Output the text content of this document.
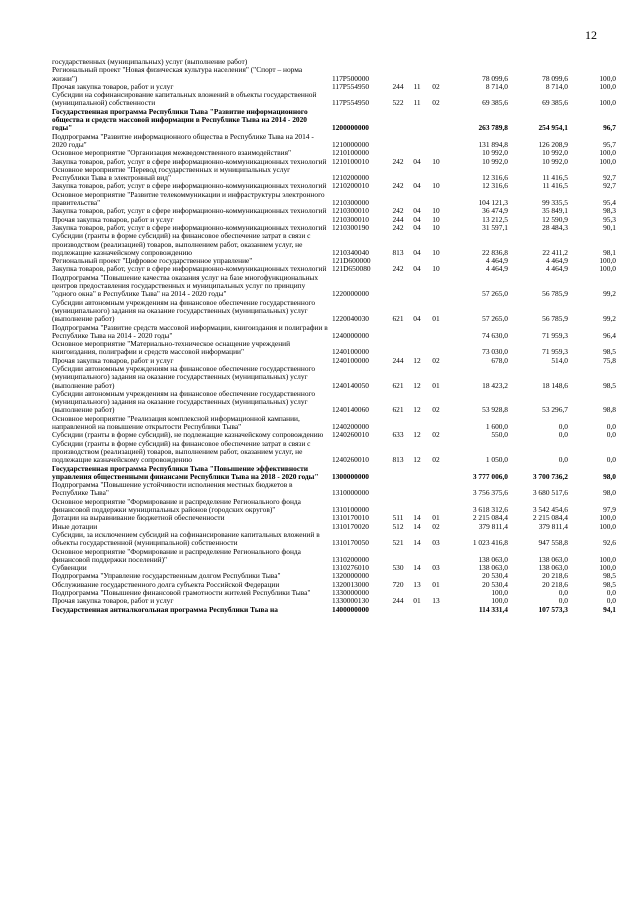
12
государственных (муниципальных) услуг (выполнение работ)							
Региональный проект "Новая физическая культура населения" ("Спорт – норма жизни")	117P500000				78 099,6	78 099,6	100,0
Прочая закупка товаров, работ и услуг	117P554950	244	11	02	8 714,0	8 714,0	100,0
Субсидии на софинансирование капитальных вложений в объекты государственной (муниципальной) собственности	117P554950	522	11	02	69 385,6	69 385,6	100,0
Государственная программа Республики Тыва "Развитие информационного общества и средств массовой информации в Республике Тыва на 2014 - 2020 годы"	1200000000				263 789,8	254 954,1	96,7
Подпрограмма "Развитие информационного общества в Республике Тыва на 2014 - 2020 годы"	1210000000				131 894,8	126 208,9	95,7
Основное мероприятие "Организация межведомственного взаимодействия"	1210100000				10 992,0	10 992,0	100,0
Закупка товаров, работ, услуг в сфере информационно-коммуникационных технологий	1210100010	242	04	10	10 992,0	10 992,0	100,0
Основное мероприятие "Перевод государственных и муниципальных услуг Республики Тыва в электронный вид"	1210200000				12 316,6	11 416,5	92,7
Закупка товаров, работ, услуг в сфере информационно-коммуникационных технологий	1210200010	242	04	10	12 316,6	11 416,5	92,7
Основное мероприятие "Развитие телекоммуникации и инфраструктуры электронного правительства"	1210300000				104 121,3	99 335,5	95,4
Закупка товаров, работ, услуг в сфере информационно-коммуникационных технологий	1210300010	242	04	10	36 474,9	35 849,1	98,3
Прочая закупка товаров, работ и услуг	1210300010	244	04	10	13 212,5	12 590,9	95,3
Закупка товаров, работ, услуг в сфере информационно-коммуникационных технологий	1210300190	242	04	10	31 597,1	28 484,3	90,1
Субсидии (гранты в форме субсидий) на финансовое обеспечение затрат в связи с производством (реализацией) товаров, выполнением работ, оказанием услуг, не подлежащие казначейскому сопровождению	1210340040	813	04	10	22 836,8	22 411,2	98,1
Региональный проект "Цифровое государственное управление"	121D600000				4 464,9	4 464,9	100,0
Закупка товаров, работ, услуг в сфере информационно-коммуникационных технологий	121D650080	242	04	10	4 464,9	4 464,9	100,0
Подпрограмма "Повышение качества оказания услуг на базе многофункциональных центров предоставления государственных и муниципальных услуг по принципу "одного окна" в Республике Тыва" на 2014 - 2020 годы"	1220000000				57 265,0	56 785,9	99,2
Субсидии автономным учреждениям на финансовое обеспечение государственного (муниципального) задания на оказание государственных (муниципальных) услуг (выполнение работ)	1220040030	621	04	01	57 265,0	56 785,9	99,2
Подпрограмма "Развитие средств массовой информации, книгоиздания и полиграфии в Республике Тыва на 2014 - 2020 годы"	1240000000				74 630,0	71 959,3	96,4
Основное мероприятие "Материально-техническое оснащение учреждений книгоиздания, полиграфии и средств массовой информации"	1240100000				73 030,0	71 959,3	98,5
Прочая закупка товаров, работ и услуг	1240100000	244	12	02	678,0	514,0	75,8
Субсидии автономным учреждениям на финансовое обеспечение государственного (муниципального) задания на оказание государственных (муниципальных) услуг (выполнение работ)	1240140050	621	12	01	18 423,2	18 148,6	98,5
Субсидии автономным учреждениям на финансовое обеспечение государственного (муниципального) задания на оказание государственных (муниципальных) услуг (выполнение работ)	1240140060	621	12	02	53 928,8	53 296,7	98,8
Основное мероприятие "Реализация комплексной информационной кампании, направленной на повышение открытости Республики Тыва"	1240200000				1 600,0	0,0	0,0
Субсидии (гранты в форме субсидий), не подлежащие казначейскому сопровождению	1240260010	633	12	02	550,0	0,0	0,0
Субсидии (гранты в форме субсидий) на финансовое обеспечение затрат в связи с производством (реализацией) товаров, выполнением работ, оказанием услуг, не подлежащие казначейскому сопровождению	1240260010	813	12	02	1 050,0	0,0	0,0
Государственная программа Республики Тыва "Повышение эффективности управления общественными финансами Республики Тыва на 2018 - 2020 годы"	1300000000				3 777 006,0	3 700 736,2	98,0
Подпрограмма "Повышение устойчивости исполнения местных бюджетов в Республике Тыва"	1310000000				3 756 375,6	3 680 517,6	98,0
Основное мероприятие "Формирование и распределение Регионального фонда финансовой поддержки муниципальных районов (городских округов)"	1310100000				3 618 312,6	3 542 454,6	97,9
Дотации на выравнивание бюджетной обеспеченности	1310170010	511	14	01	2 215 084,4	2 215 084,4	100,0
Иные дотации	1310170020	512	14	02	379 811,4	379 811,4	100,0
Субсидии, за исключением субсидий на софинансирование капитальных вложений в объекты государственной (муниципальной) собственности	1310170050	521	14	03	1 023 416,8	947 558,8	92,6
Основное мероприятие "Формирование и распределение Регионального фонда финансовой поддержки поселений)"	1310200000				138 063,0	138 063,0	100,0
Субвенции	1310276010	530	14	03	138 063,0	138 063,0	100,0
Подпрограмма "Управление государственным долгом Республики Тыва"	1320000000				20 530,4	20 218,6	98,5
Обслуживание государственного долга субъекта Российской Федерации	1320013000	720	13	01	20 530,4	20 218,6	98,5
Подпрограмма "Повышение финансовой грамотности жителей Республики Тыва"	1330000000				100,0	0,0	0,0
Прочая закупка товаров, работ и услуг	1330000130	244	01	13	100,0	0,0	0,0
Государственная антиалкогольная программа Республики Тыва на	1400000000				114 331,4	107 573,3	94,1
